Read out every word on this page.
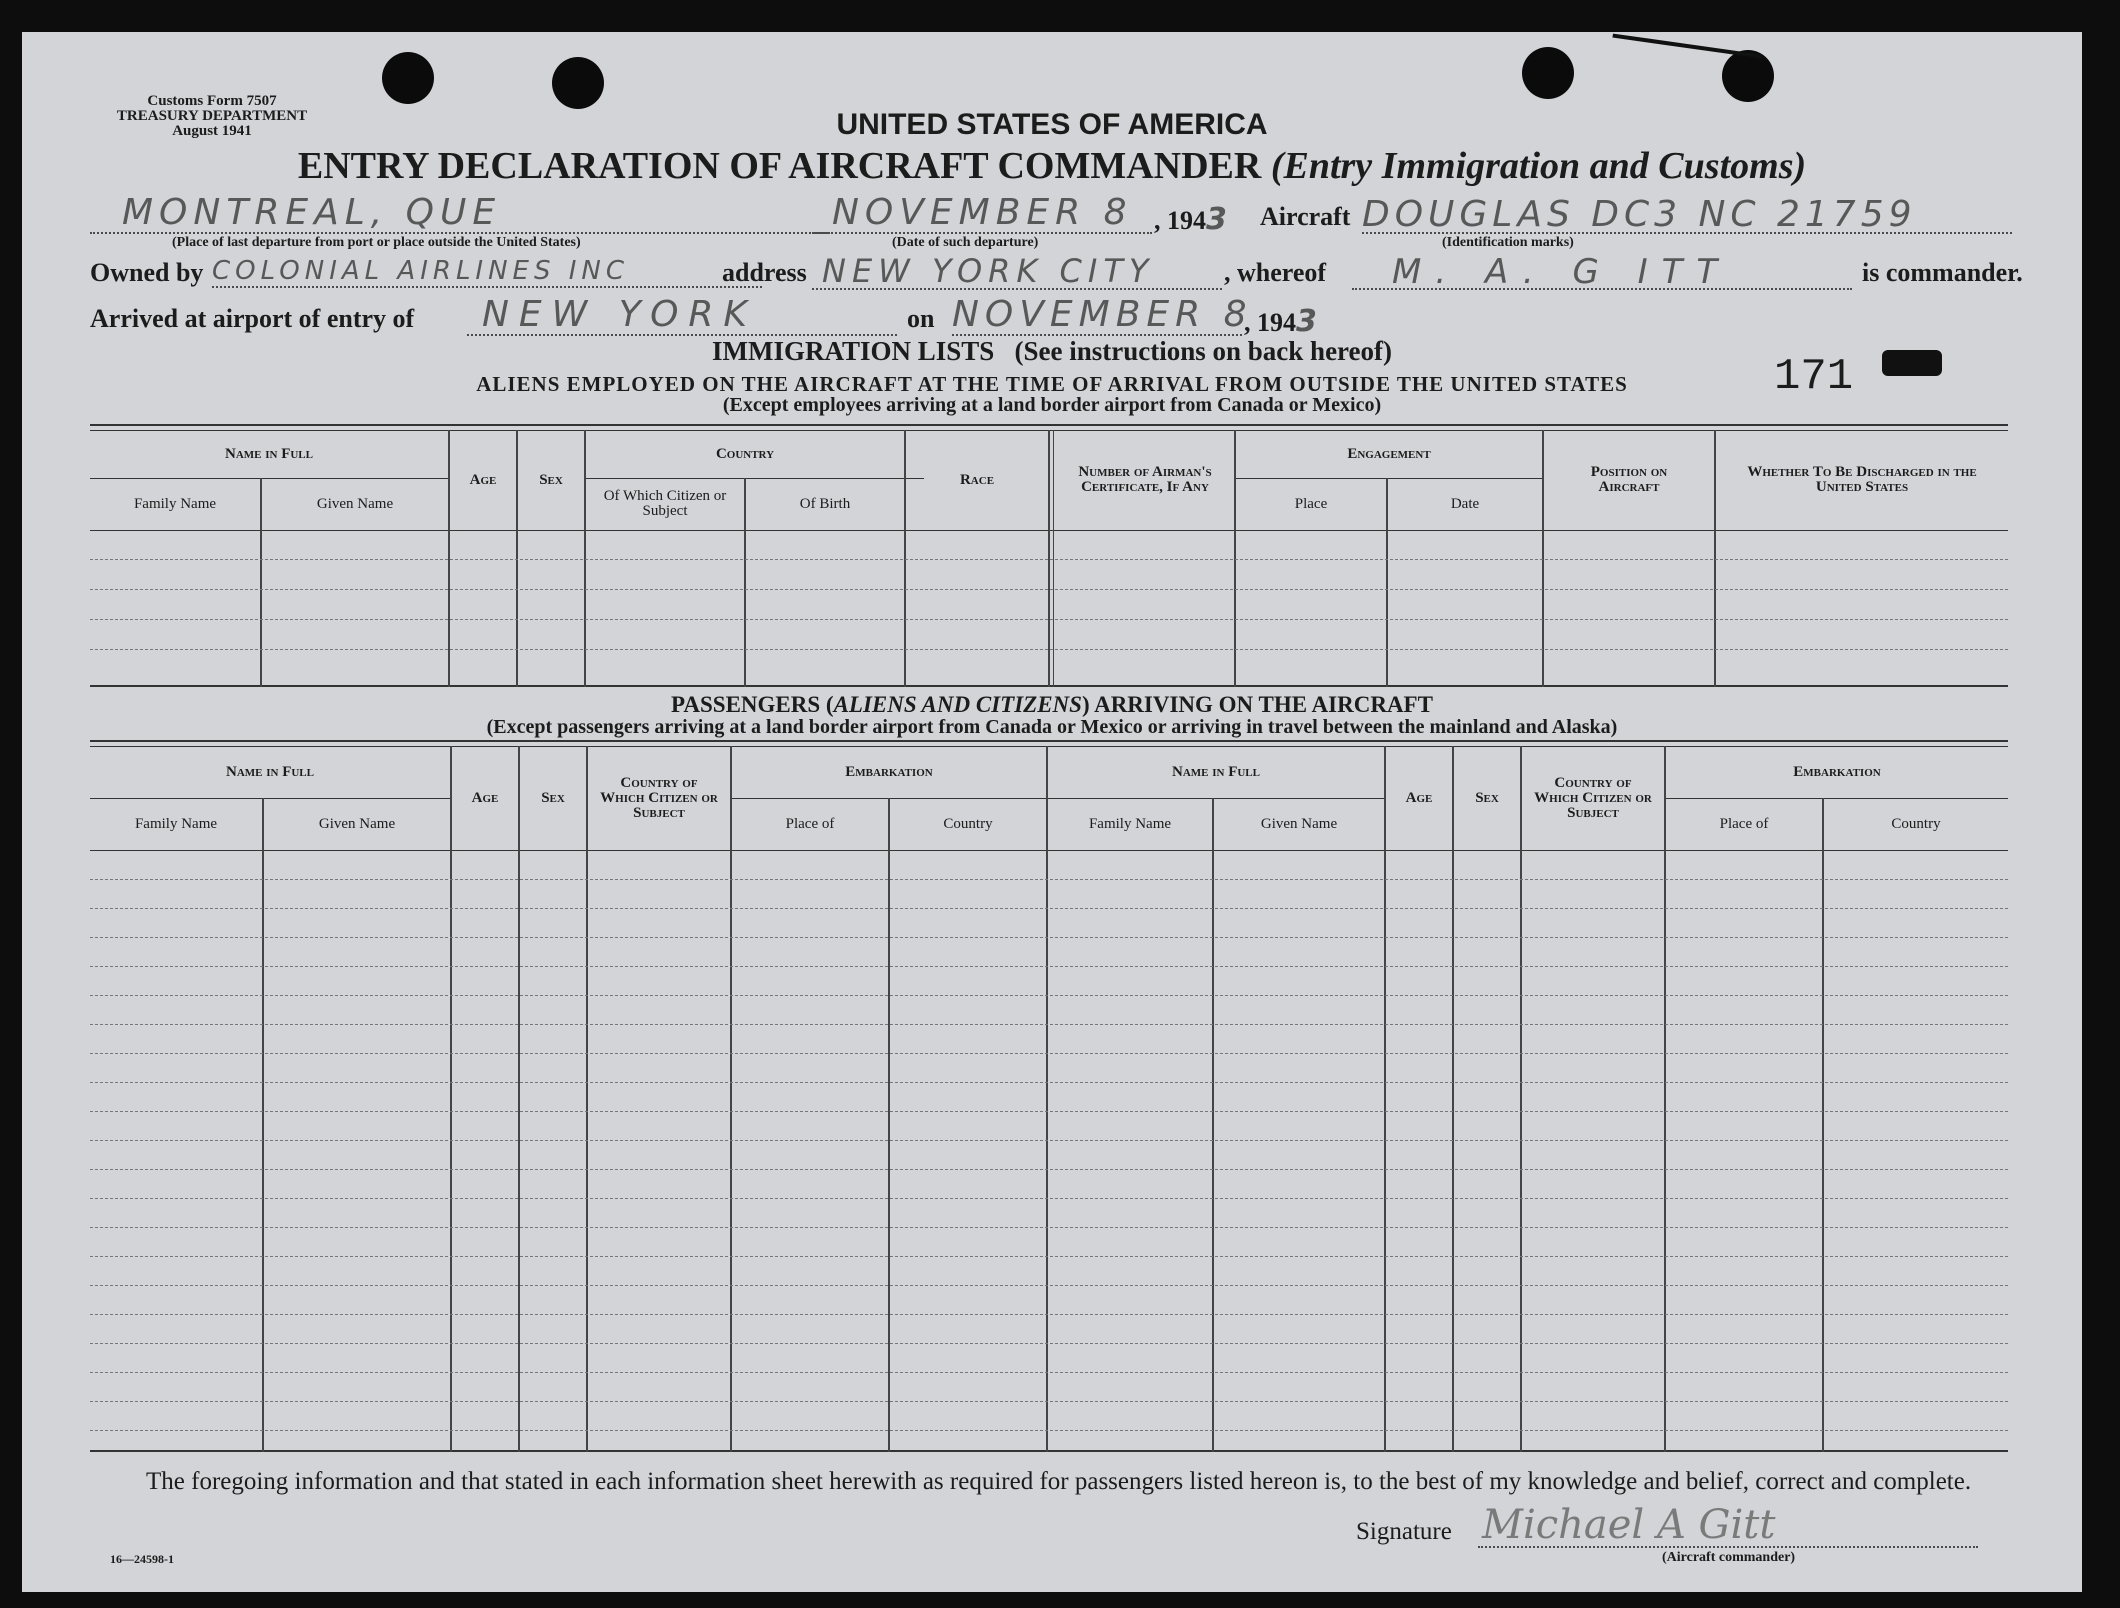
Customs Form 7507
TREASURY DEPARTMENT
August 1941	UNITED STATES OF AMERICA
ENTRY DECLARATION OF AIRCRAFT COMMANDER (Entry Immigration and Customs)
MONTREAL, QUE
(Place of last departure from port or place outside the United States)
NOVEMBER 8
(Date of such departure)
, 1943 Aircraft DOUGLAS DC3 NC 21759
(Identification marks)
Owned by COLONIAL AIRLINES INC	address NEW YORK CITY	, whereof M. A. G ITT	is commander.
Arrived at airport of entry of NEW YORK	on NOVEMBER 8
, 1943
171
IMMIGRATION LISTS (See instructions on back hereof)
ALIENS EMPLOYED ON THE AIRCRAFT AT THE TIME OF ARRIVAL FROM OUTSIDE THE UNITED STATES
(Except employees arriving at a land border airport from Canada or Mexico)
Name in Full
Family Name	Given Name
Age	Sex
Country
Of Which Citizen or Subject	Of Birth
Race	Number of Airman's Certificate, If Any
Engagement
Place	Date
Position on Aircraft
Whether To Be Discharged in the United States
PASSENGERS (ALIENS AND CITIZENS) ARRIVING ON THE AIRCRAFT
(Except passengers arriving at a land border airport from Canada or Mexico or arriving in travel between the mainland and Alaska)
Name in Full
Family Name	Given Name
Age	Sex
Country of Which Citizen or Subject
Embarkation
Place of	Country
Name in Full
Family Name	Given Name
Age	Sex
Country of Which Citizen or Subject
Embarkation
Place of	Country
The foregoing information and that stated in each information sheet herewith as required for passengers listed hereon is, to the best of my knowledge and belief, correct and complete.
16—24598-1
Signature Michael A Gitt
(Aircraft commander)
